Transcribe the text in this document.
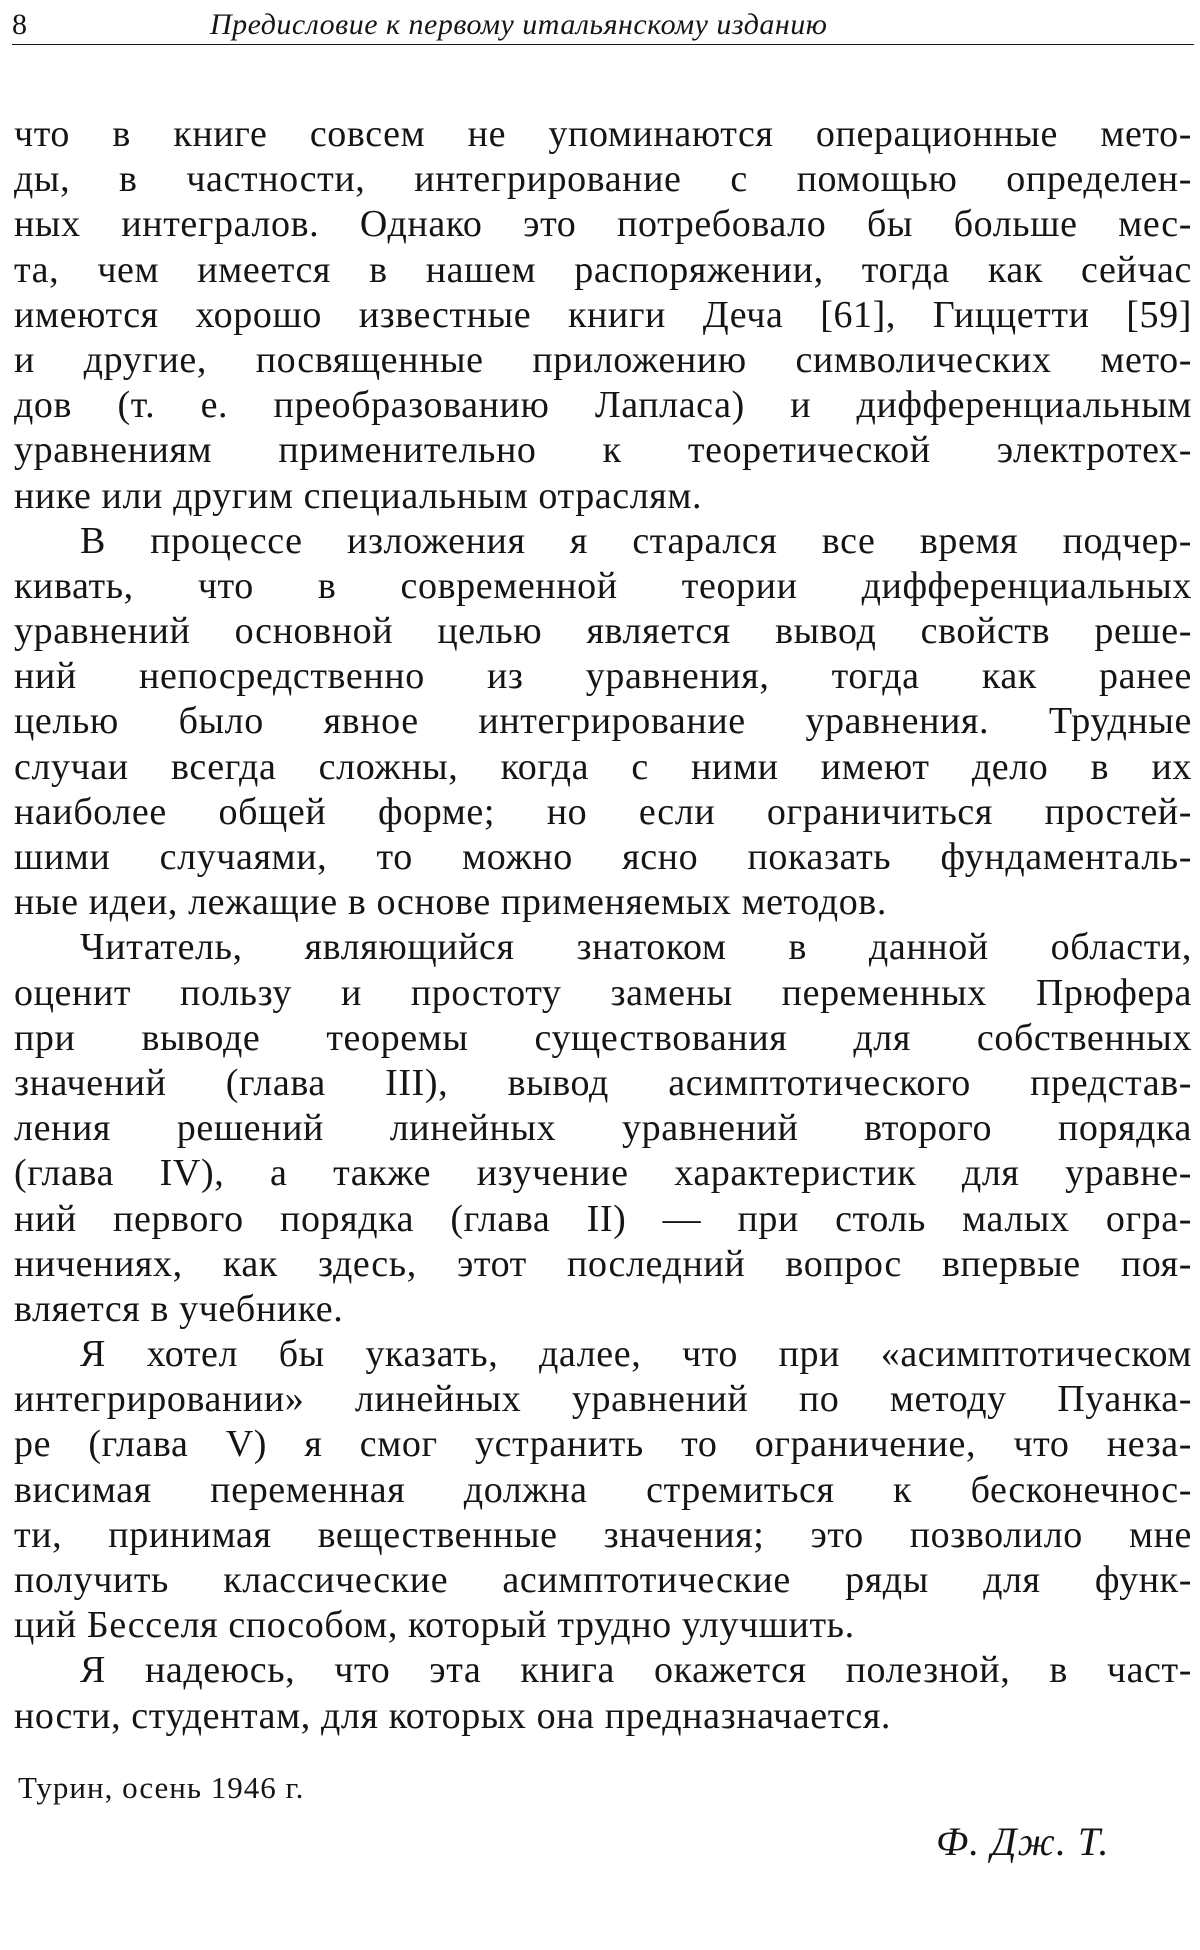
8	Предисловие к первому итальянскому изданию
что в книге совсем не упоминаются операционные мето-
ды, в частности, интегрирование с помощью определен-
ных интегралов. Однако это потребовало бы больше мес-
та, чем имеется в нашем распоряжении, тогда как сейчас
имеются хорошо известные книги Деча [61], Гиццетти [59]
и другие, посвященные приложению символических мето-
дов (т. е. преобразованию Лапласа) и дифференциальным
уравнениям применительно к теоретической электротех-
нике или другим специальным отраслям.
В процессе изложения я старался все время подчер-
кивать, что в современной теории дифференциальных
уравнений основной целью является вывод свойств реше-
ний непосредственно из уравнения, тогда как ранее
целью было явное интегрирование уравнения. Трудные
случаи всегда сложны, когда с ними имеют дело в их
наиболее общей форме; но если ограничиться простей-
шими случаями, то можно ясно показать фундаменталь-
ные идеи, лежащие в основе применяемых методов.
Читатель, являющийся знатоком в данной области,
оценит пользу и простоту замены переменных Прюфера
при выводе теоремы существования для собственных
значений (глава III), вывод асимптотического представ-
ления решений линейных уравнений второго порядка
(глава IV), а также изучение характеристик для уравне-
ний первого порядка (глава II) — при столь малых огра-
ничениях, как здесь, этот последний вопрос впервые поя-
вляется в учебнике.
Я хотел бы указать, далее, что при «асимптотическом
интегрировании» линейных уравнений по методу Пуанка-
ре (глава V) я смог устранить то ограничение, что неза-
висимая переменная должна стремиться к бесконечнос-
ти, принимая вещественные значения; это позволило мне
получить классические асимптотические ряды для функ-
ций Бесселя способом, который трудно улучшить.
Я надеюсь, что эта книга окажется полезной, в част-
ности, студентам, для которых она предназначается.
Турин, осень 1946 г.
Ф. Дж. Т.
